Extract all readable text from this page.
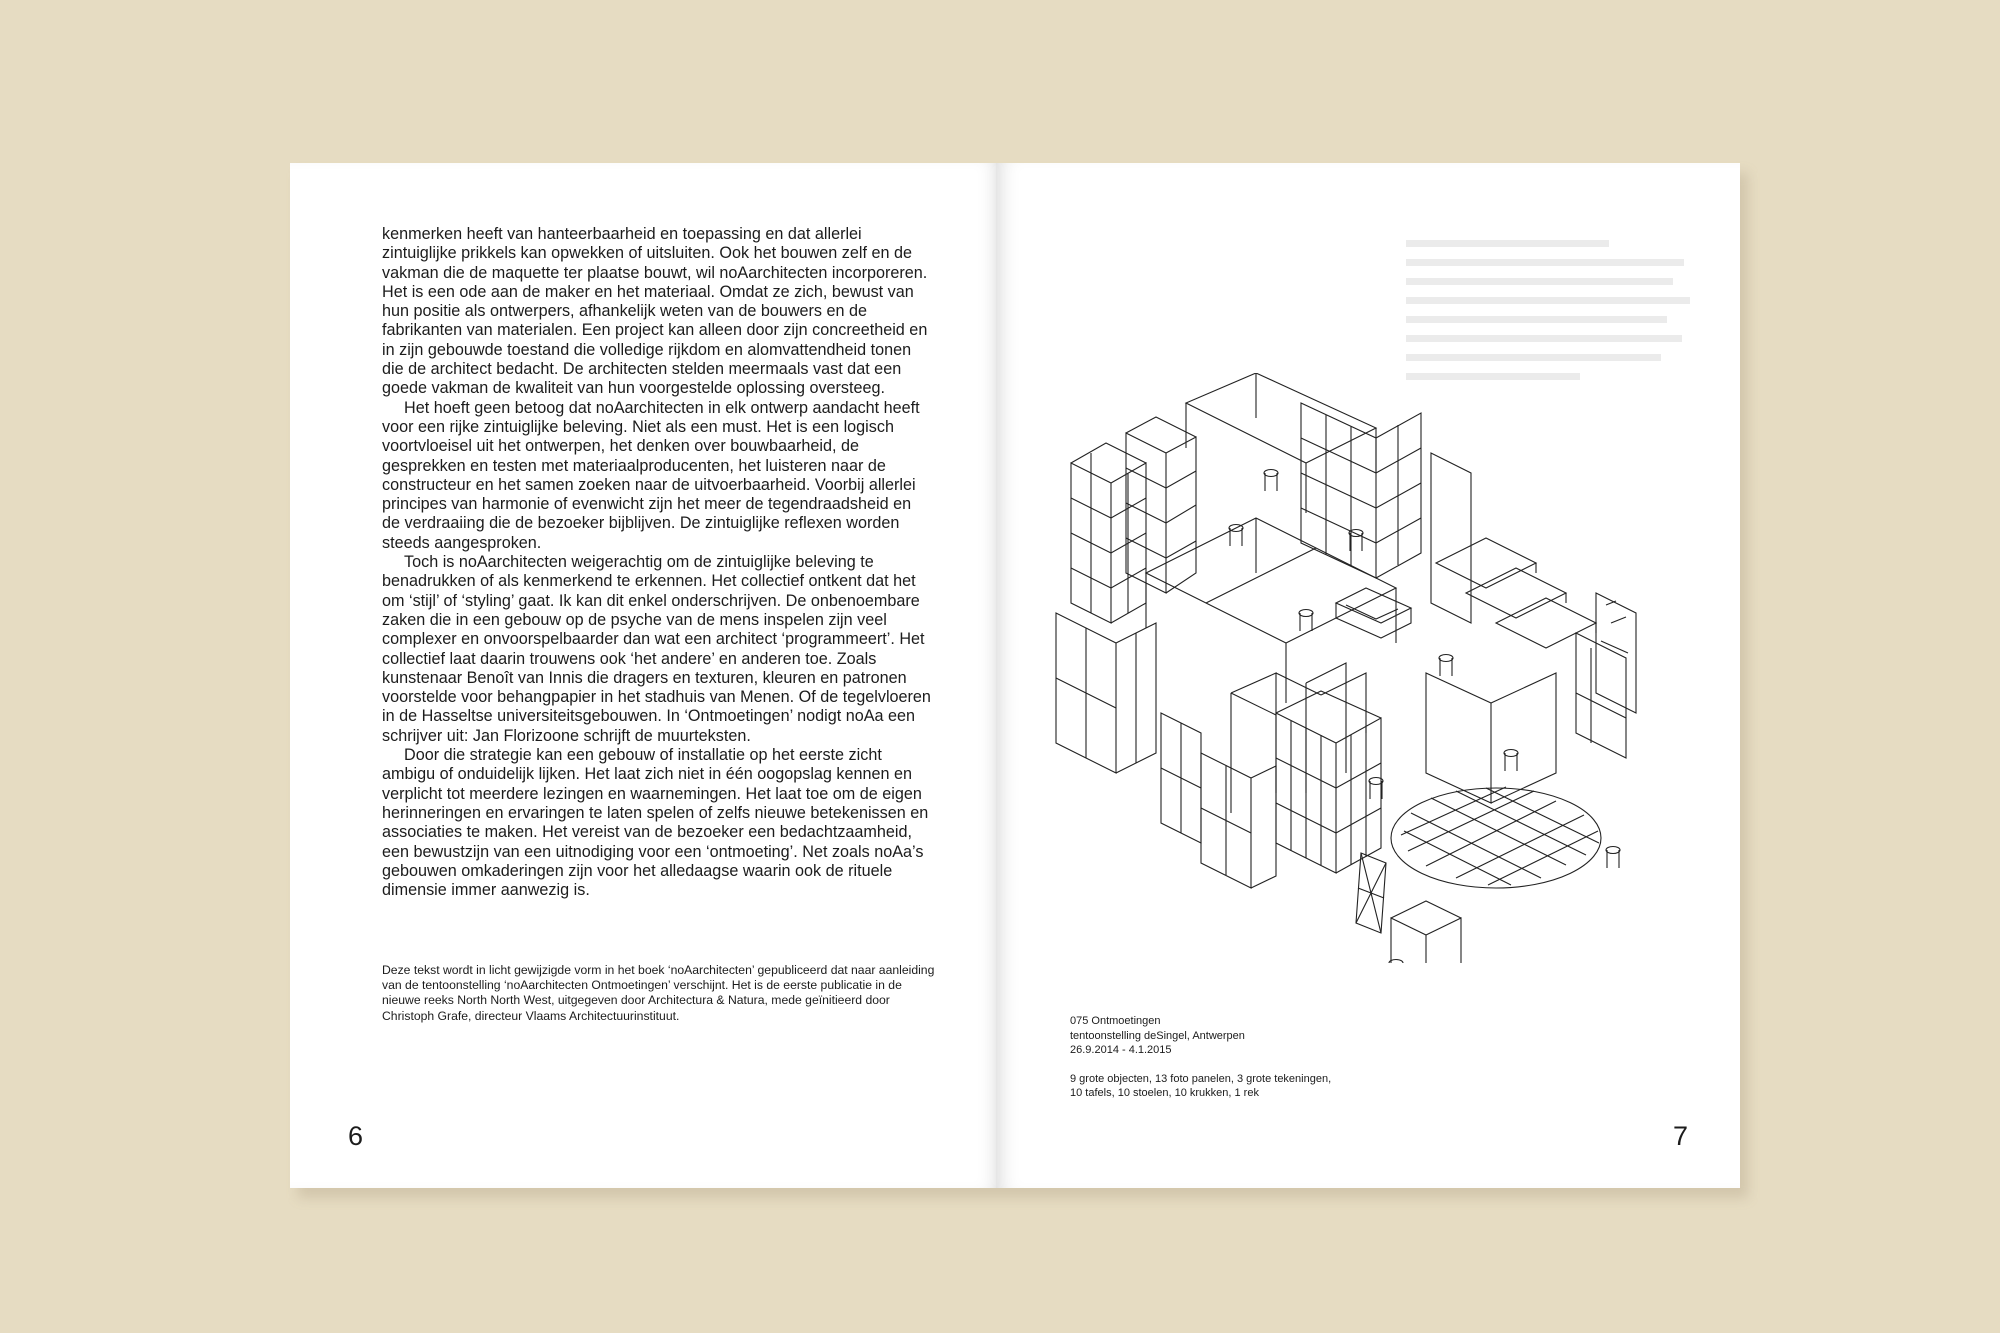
kenmerken heeft van hanteerbaarheid en toepassing en dat allerlei zintuiglijke prikkels kan opwekken of uitsluiten. Ook het bouwen zelf en de vakman die de maquette ter plaatse bouwt, wil noAarchitecten incorporeren. Het is een ode aan de maker en het materiaal. Omdat ze zich, bewust van hun positie als ontwerpers, afhankelijk weten van de bouwers en de fabrikanten van materialen. Een project kan alleen door zijn concreetheid en in zijn gebouwde toestand die volledige rijkdom en alomvattendheid tonen die de architect bedacht. De architecten stelden meermaals vast dat een goede vakman de kwaliteit van hun voorgestelde oplossing oversteeg.

Het hoeft geen betoog dat noAarchitecten in elk ontwerp aandacht heeft voor een rijke zintuiglijke beleving. Niet als een must. Het is een logisch voortvloeisel uit het ontwerpen, het denken over bouwbaarheid, de gesprekken en testen met materiaalproducenten, het luisteren naar de constructeur en het samen zoeken naar de uitvoerbaarheid. Voorbij allerlei principes van harmonie of evenwicht zijn het meer de tegendraadsheid en de verdraaiing die de bezoeker bijblijven. De zintuiglijke reflexen worden steeds aangesproken.

Toch is noAarchitecten weigerachtig om de zintuiglijke beleving te benadrukken of als kenmerkend te erkennen. Het collectief ontkent dat het om ‘stijl’ of ‘styling’ gaat. Ik kan dit enkel onderschrijven. De onbenoembare zaken die in een gebouw op de psyche van de mens inspelen zijn veel complexer en onvoorspelbaarder dan wat een architect ‘programmeert’. Het collectief laat daarin trouwens ook ‘het andere’ en anderen toe. Zoals kunstenaar Benoît van Innis die dragers en texturen, kleuren en patronen voorstelde voor behangpapier in het stadhuis van Menen. Of de tegelvloeren in de Hasseltse universiteitsgebouwen. In ‘Ontmoetingen’ nodigt noAa een schrijver uit: Jan Florizoone schrijft de muurteksten.

Door die strategie kan een gebouw of installatie op het eerste zicht ambigu of onduidelijk lijken. Het laat zich niet in één oogopslag kennen en verplicht tot meerdere lezingen en waarnemingen. Het laat toe om de eigen herinneringen en ervaringen te laten spelen of zelfs nieuwe betekenissen en associaties te maken. Het vereist van de bezoeker een bedachtzaamheid, een bewustzijn van een uitnodiging voor een ‘ontmoeting’. Net zoals noAa’s gebouwen omkaderingen zijn voor het alledaagse waarin ook de rituele dimensie immer aanwezig is.

Deze tekst wordt in licht gewijzigde vorm in het boek ‘noAarchitecten’ gepubliceerd dat naar aanleiding van de tentoonstelling ‘noAarchitecten Ontmoetingen’ verschijnt. Het is de eerste publicatie in de nieuwe reeks North North West, uitgegeven door Architectura & Natura, mede geïnitieerd door Christoph Grafe, directeur Vlaams Architectuurinstituut.
6
075 Ontmoetingen
tentoonstelling deSingel, Antwerpen
26.9.2014 - 4.1.2015
9 grote objecten, 13 foto panelen, 3 grote tekeningen,
10 tafels, 10 stoelen, 10 krukken, 1 rek
7
